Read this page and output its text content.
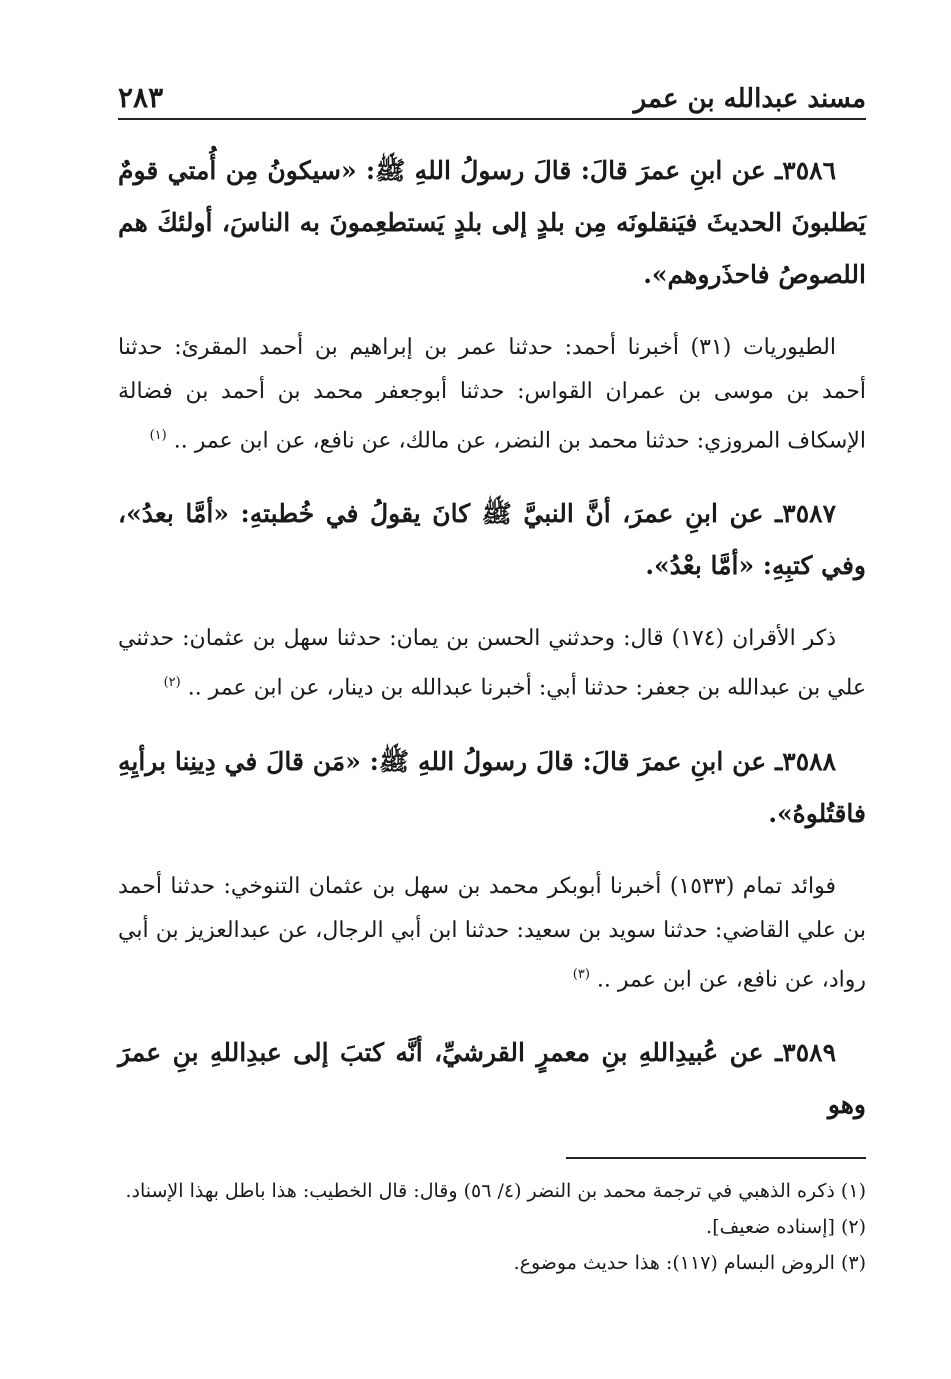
مسند عبدالله بن عمر
٢٨٣

٣٥٨٦ـ عن ابنِ عمرَ قالَ: قالَ رسولُ اللهِ ﷺ: «سيكونُ مِن أُمتي قومٌ يَطلبونَ الحديثَ فيَنقلونَه مِن بلدٍ إلى بلدٍ يَستطعِمونَ به الناسَ، أولئكَ هم اللصوصُ فاحذَروهم».

الطيوريات (٣١) أخبرنا أحمد: حدثنا عمر بن إبراهيم بن أحمد المقرئ: حدثنا أحمد بن موسى بن عمران القواس: حدثنا أبوجعفر محمد بن أحمد بن فضالة الإسكاف المروزي: حدثنا محمد بن النضر، عن مالك، عن نافع، عن ابن عمر .. $^{(١)}$

٣٥٨٧ـ عن ابنِ عمرَ، أنَّ النبيَّ ﷺ كانَ يقولُ في خُطبتهِ: «أمَّا بعدُ»، وفي كتبِهِ: «أمَّا بعْدُ».

ذكر الأقران (١٧٤) قال: وحدثني الحسن بن يمان: حدثنا سهل بن عثمان: حدثني علي بن عبدالله بن جعفر: حدثنا أبي: أخبرنا عبدالله بن دينار، عن ابن عمر .. $^{(٢)}$

٣٥٨٨ـ عن ابنِ عمرَ قالَ: قالَ رسولُ اللهِ ﷺ: «مَن قالَ في دِينِنا برأيِهِ فاقتُلوهُ».

فوائد تمام (١٥٣٣) أخبرنا أبوبكر محمد بن سهل بن عثمان التنوخي: حدثنا أحمد بن علي القاضي: حدثنا سويد بن سعيد: حدثنا ابن أبي الرجال، عن عبدالعزيز بن أبي رواد، عن نافع، عن ابن عمر .. $^{(٣)}$

٣٥٨٩ـ عن عُبيدِاللهِ بنِ معمرٍ القرشيِّ، أنَّه كتبَ إلى عبدِاللهِ بنِ عمرَ وهو

(١) ذكره الذهبي في ترجمة محمد بن النضر (٤/ ٥٦) وقال: قال الخطيب: هذا باطل بهذا الإسناد.
(٢) [إسناده ضعيف].
(٣) الروض البسام (١١٧): هذا حديث موضوع.
